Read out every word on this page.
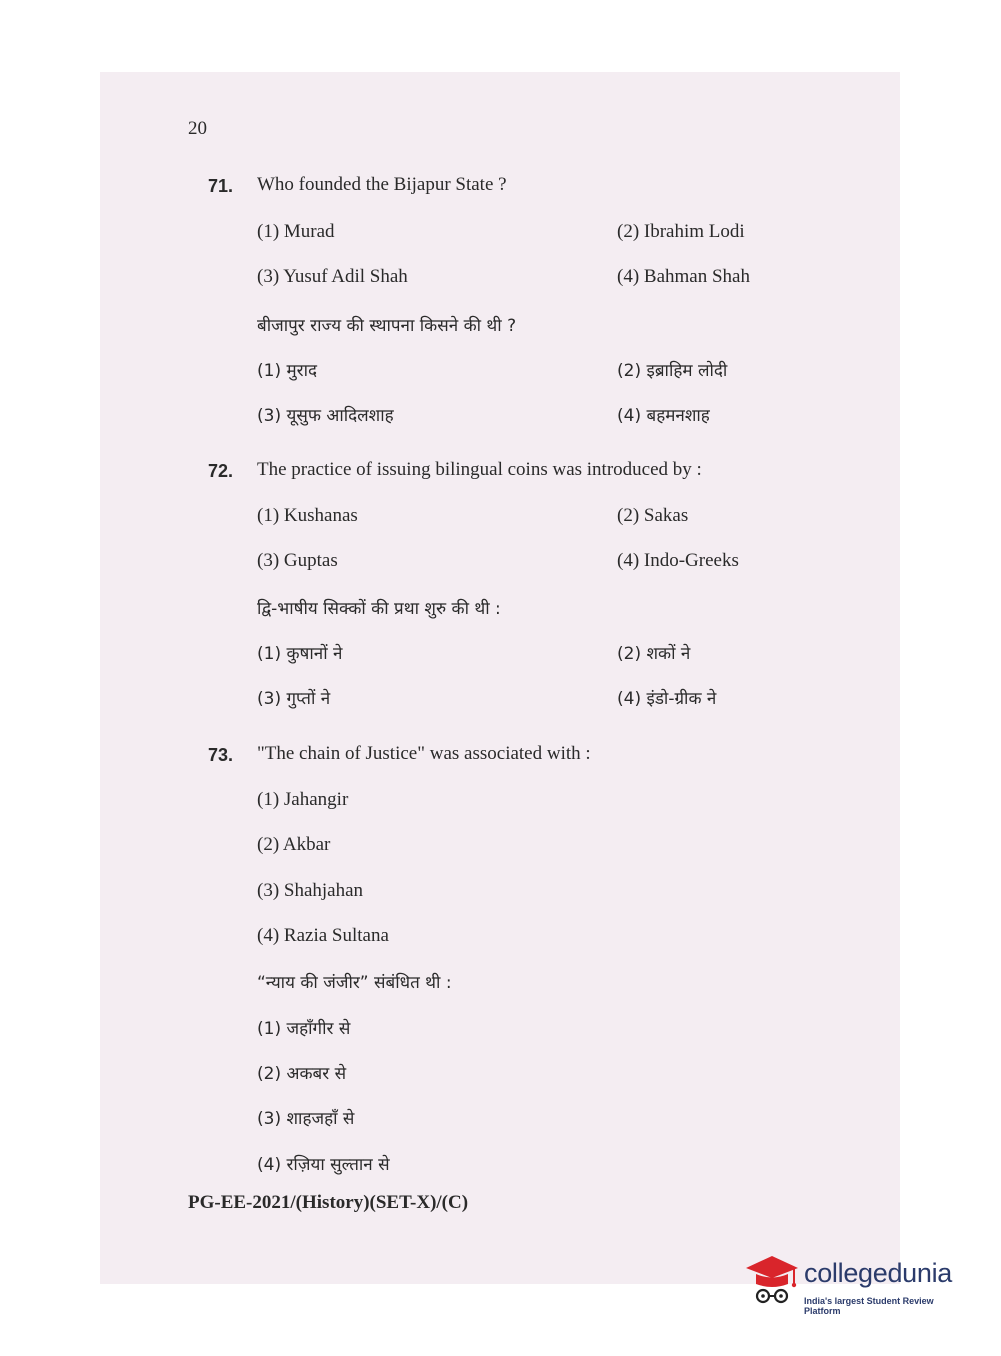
20
71. Who founded the Bijapur State ?
(1) Murad	(2) Ibrahim Lodi
(3) Yusuf Adil Shah	(4) Bahman Shah
बीजापुर राज्य की स्थापना किसने की थी ?
(1) मुराद	(2) इब्राहिम लोदी
(3) यूसुफ आदिलशाह	(4) बहमनशाह
72. The practice of issuing bilingual coins was introduced by :
(1) Kushanas	(2) Sakas
(3) Guptas	(4) Indo-Greeks
द्वि-भाषीय सिक्कों की प्रथा शुरु की थी :
(1) कुषानों ने	(2) शकों ने
(3) गुप्तों ने	(4) इंडो-ग्रीक ने
73. "The chain of Justice" was associated with :
(1) Jahangir
(2) Akbar
(3) Shahjahan
(4) Razia Sultana
“न्याय की जंजीर” संबंधित थी :
(1) जहाँगीर से
(2) अकबर से
(3) शाहजहाँ से
(4) रज़िया सुल्तान से
PG-EE-2021/(History)(SET-X)/(C)
collegedunia
India's largest Student Review Platform
